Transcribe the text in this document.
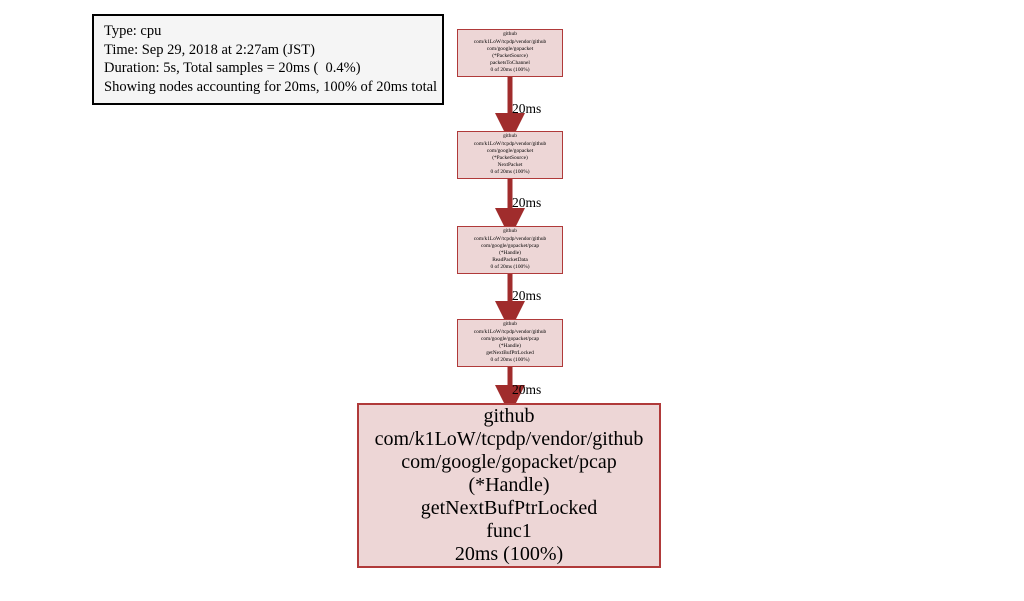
Type: cpu
Time: Sep 29, 2018 at 2:27am (JST)
Duration: 5s, Total samples = 20ms (  0.4%)
Showing nodes accounting for 20ms, 100% of 20ms total
20ms
20ms
20ms
20ms
github
com/k1LoW/tcpdp/vendor/github
com/google/gopacket
(*PacketSource)
packetsToChannel
0 of 20ms (100%)
github
com/k1LoW/tcpdp/vendor/github
com/google/gopacket
(*PacketSource)
NextPacket
0 of 20ms (100%)
github
com/k1LoW/tcpdp/vendor/github
com/google/gopacket/pcap
(*Handle)
ReadPacketData
0 of 20ms (100%)
github
com/k1LoW/tcpdp/vendor/github
com/google/gopacket/pcap
(*Handle)
getNextBufPtrLocked
0 of 20ms (100%)
github
com/k1LoW/tcpdp/vendor/github
com/google/gopacket/pcap
(*Handle)
getNextBufPtrLocked
func1
20ms (100%)
